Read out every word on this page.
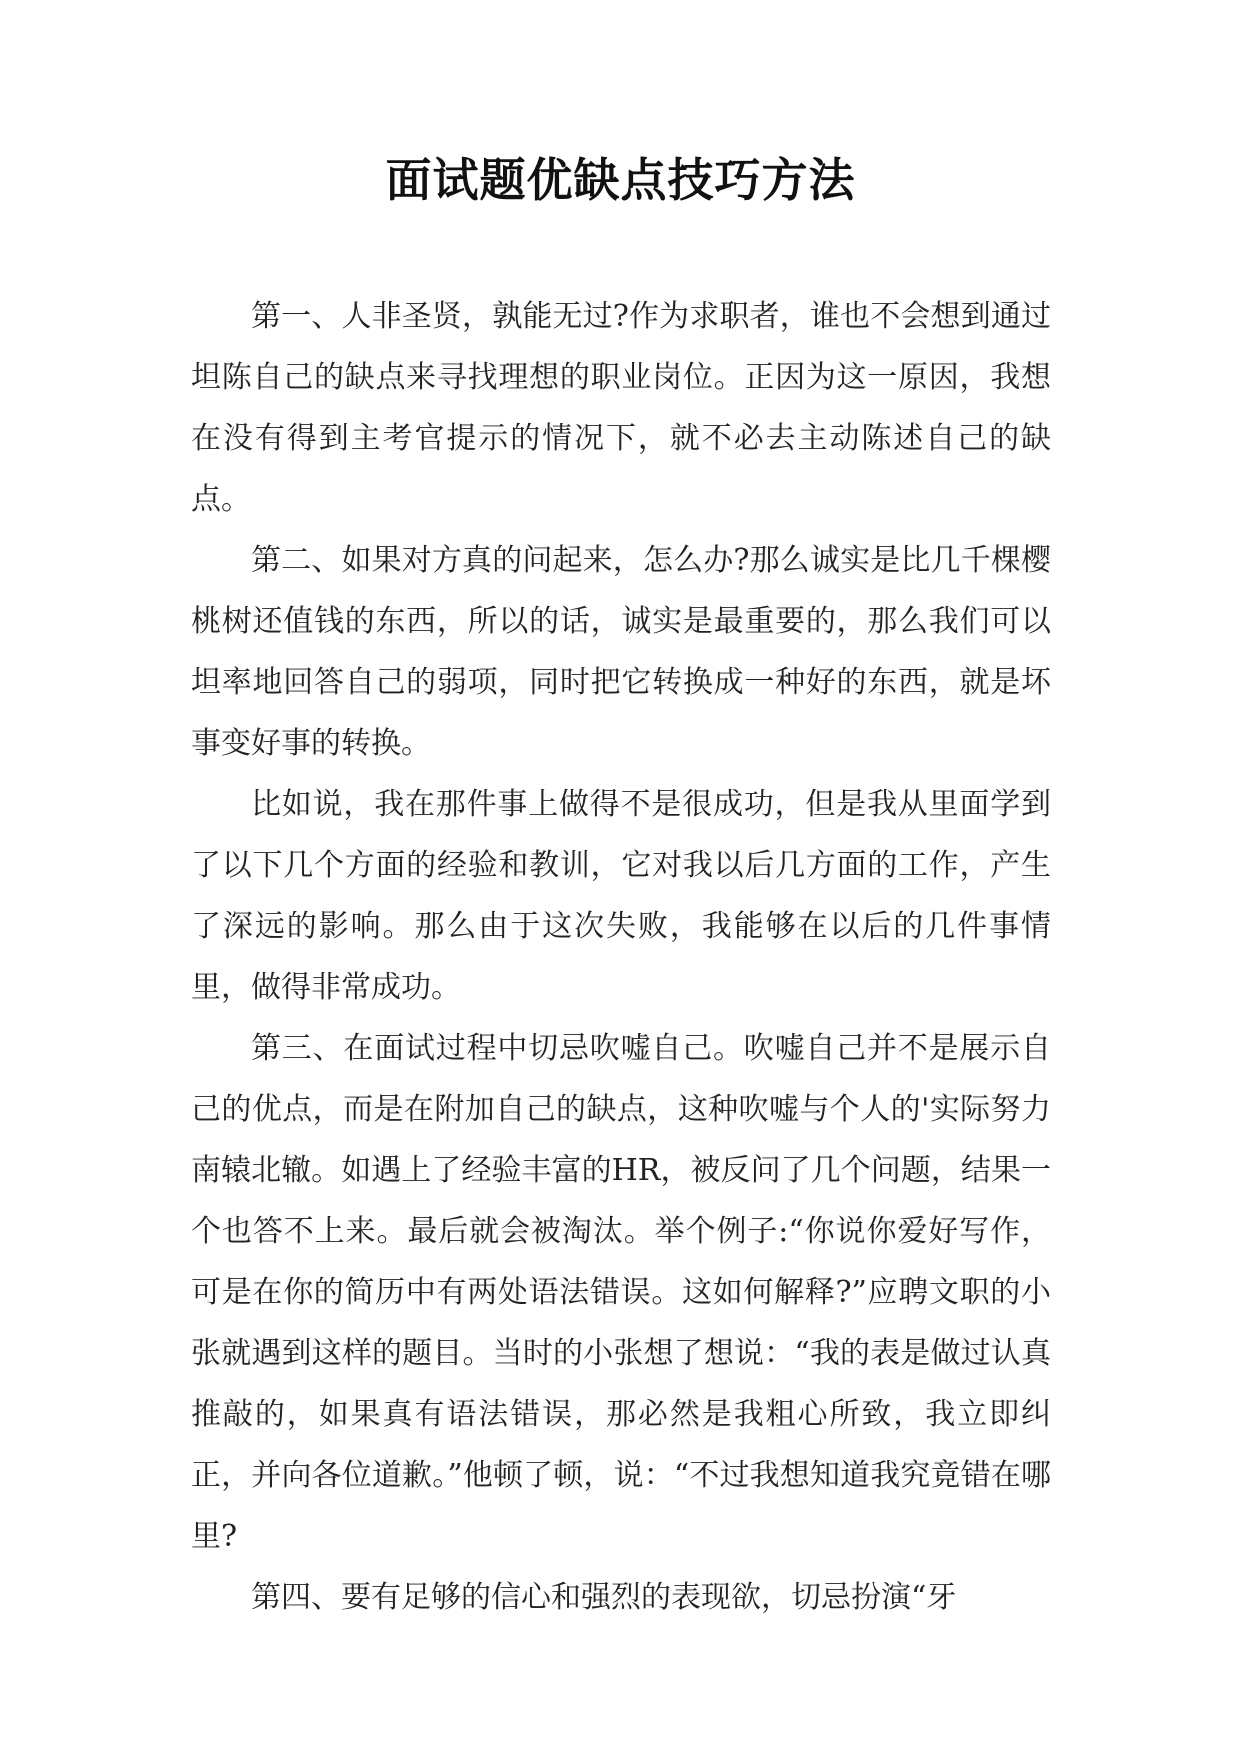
面试题优缺点技巧方法

第一、人非圣贤，孰能无过?作为求职者，谁也不会想到通过坦陈自己的缺点来寻找理想的职业岗位。正因为这一原因，我想在没有得到主考官提示的情况下，就不必去主动陈述自己的缺点。

第二、如果对方真的问起来，怎么办?那么诚实是比几千棵樱桃树还值钱的东西，所以的话，诚实是最重要的，那么我们可以坦率地回答自己的弱项，同时把它转换成一种好的东西，就是坏事变好事的转换。

比如说，我在那件事上做得不是很成功，但是我从里面学到了以下几个方面的经验和教训，它对我以后几方面的工作，产生了深远的影响。那么由于这次失败，我能够在以后的几件事情里，做得非常成功。

第三、在面试过程中切忌吹嘘自己。吹嘘自己并不是展示自己的优点，而是在附加自己的缺点，这种吹嘘与个人的'实际努力南辕北辙。如遇上了经验丰富的HR，被反问了几个问题，结果一个也答不上来。最后就会被淘汰。举个例子:“你说你爱好写作，可是在你的简历中有两处语法错误。这如何解释?”应聘文职的小张就遇到这样的题目。当时的小张想了想说：“我的表是做过认真推敲的，如果真有语法错误，那必然是我粗心所致，我立即纠正，并向各位道歉。”他顿了顿，说：“不过我想知道我究竟错在哪里?

第四、要有足够的信心和强烈的表现欲，切忌扮演“牙
